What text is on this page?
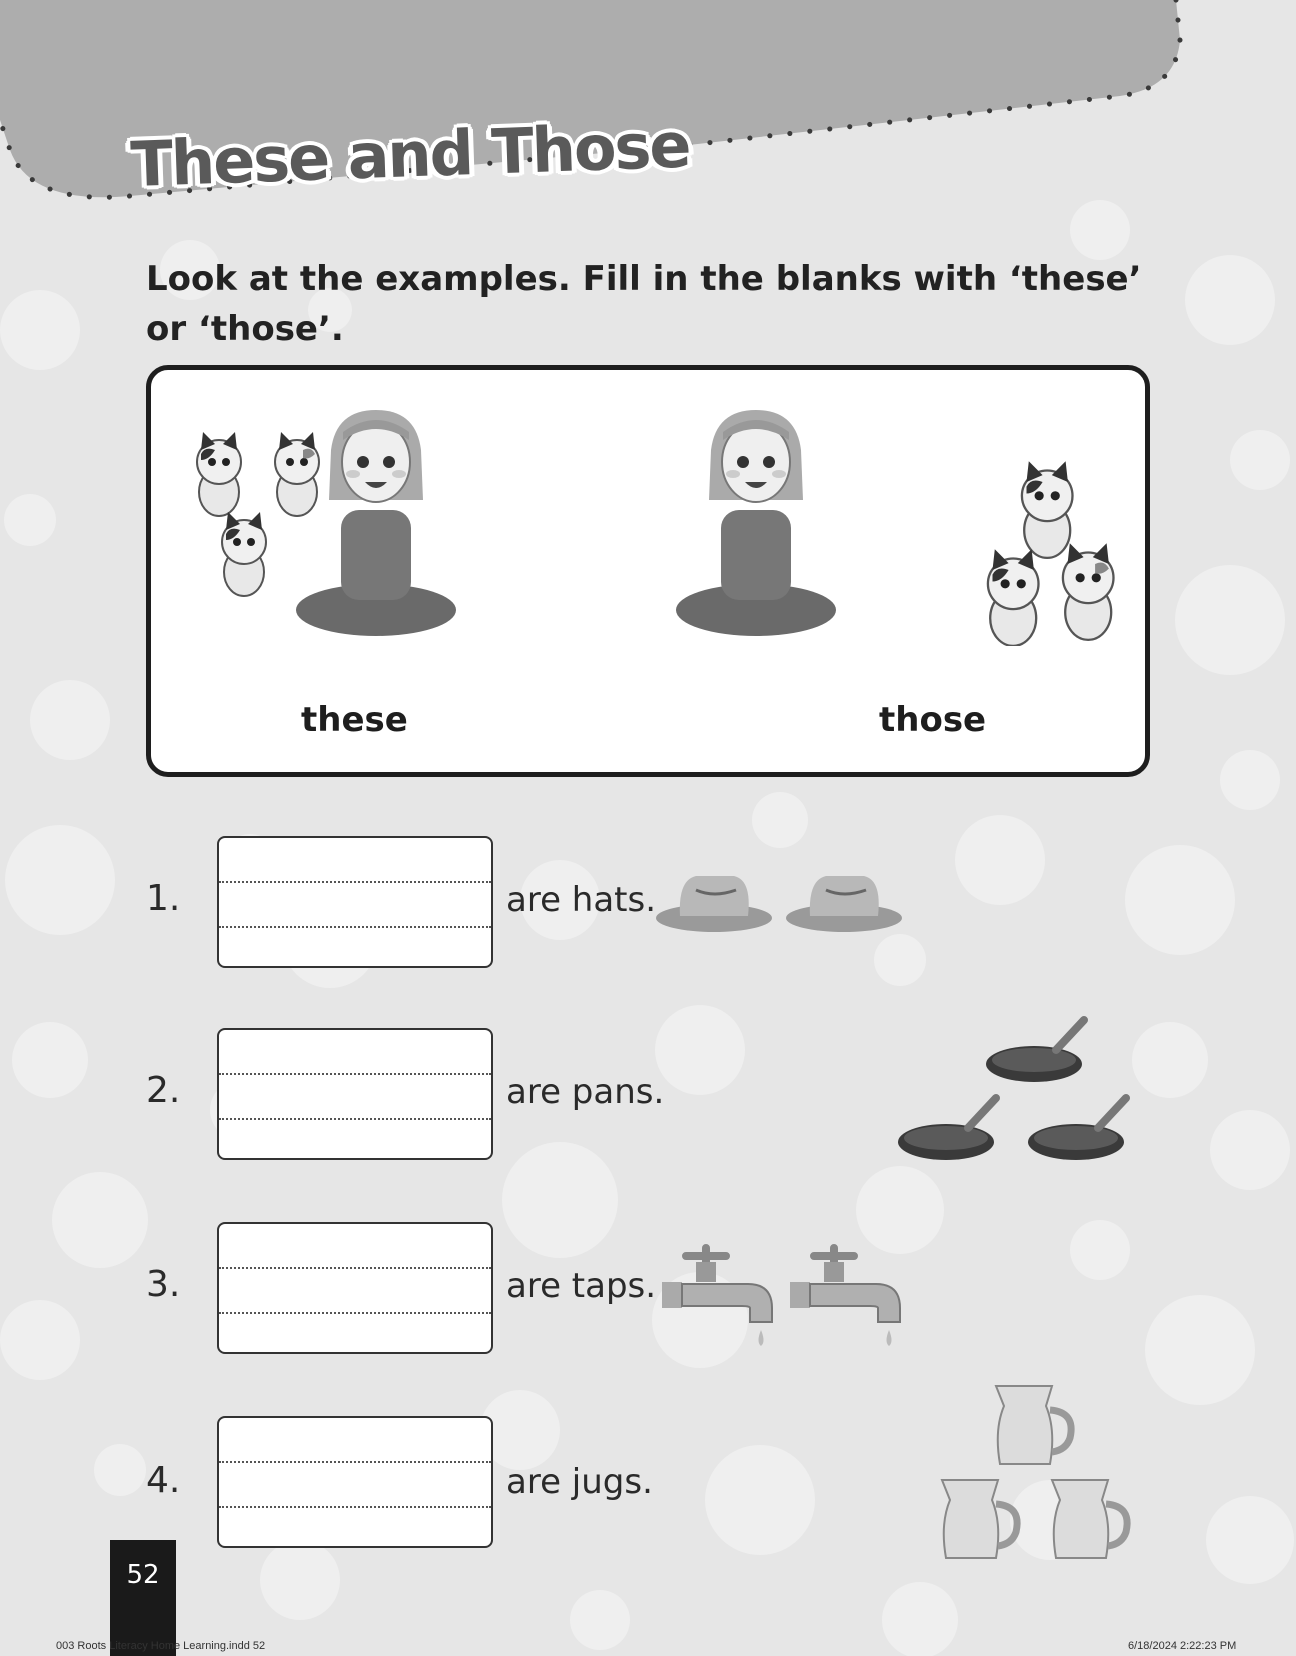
These and Those
Look at the examples. Fill in the blanks with ‘these’ or ‘those’.
these	those
1.	are hats.
2.	are pans.
3.	are taps.
4.	are jugs.
52
003 Roots Literacy Home Learning.indd 52	6/18/2024 2:22:23 PM
